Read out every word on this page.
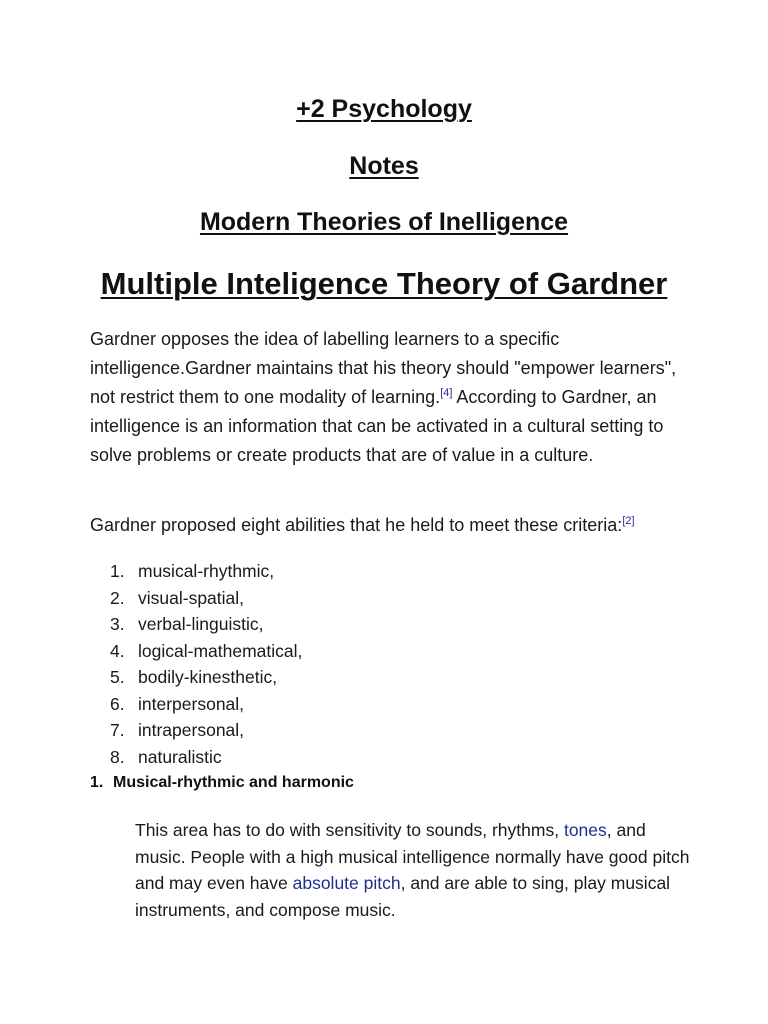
+2 Psychology
Notes
Modern Theories of Inelligence
Multiple Inteligence Theory of Gardner

Gardner opposes the idea of labelling learners to a specific intelligence.Gardner maintains that his theory should "empower learners", not restrict them to one modality of learning.[4] According to Gardner, an intelligence is an information that can be activated in a cultural setting to solve problems or create products that are of value in a culture.

Gardner proposed eight abilities that he held to meet these criteria:[2]

1. musical-rhythmic,
2. visual-spatial,
3. verbal-linguistic,
4. logical-mathematical,
5. bodily-kinesthetic,
6. interpersonal,
7. intrapersonal,
8. naturalistic
1. Musical-rhythmic and harmonic

This area has to do with sensitivity to sounds, rhythms, tones, and music. People with a high musical intelligence normally have good pitch and may even have absolute pitch, and are able to sing, play musical instruments, and compose music.
